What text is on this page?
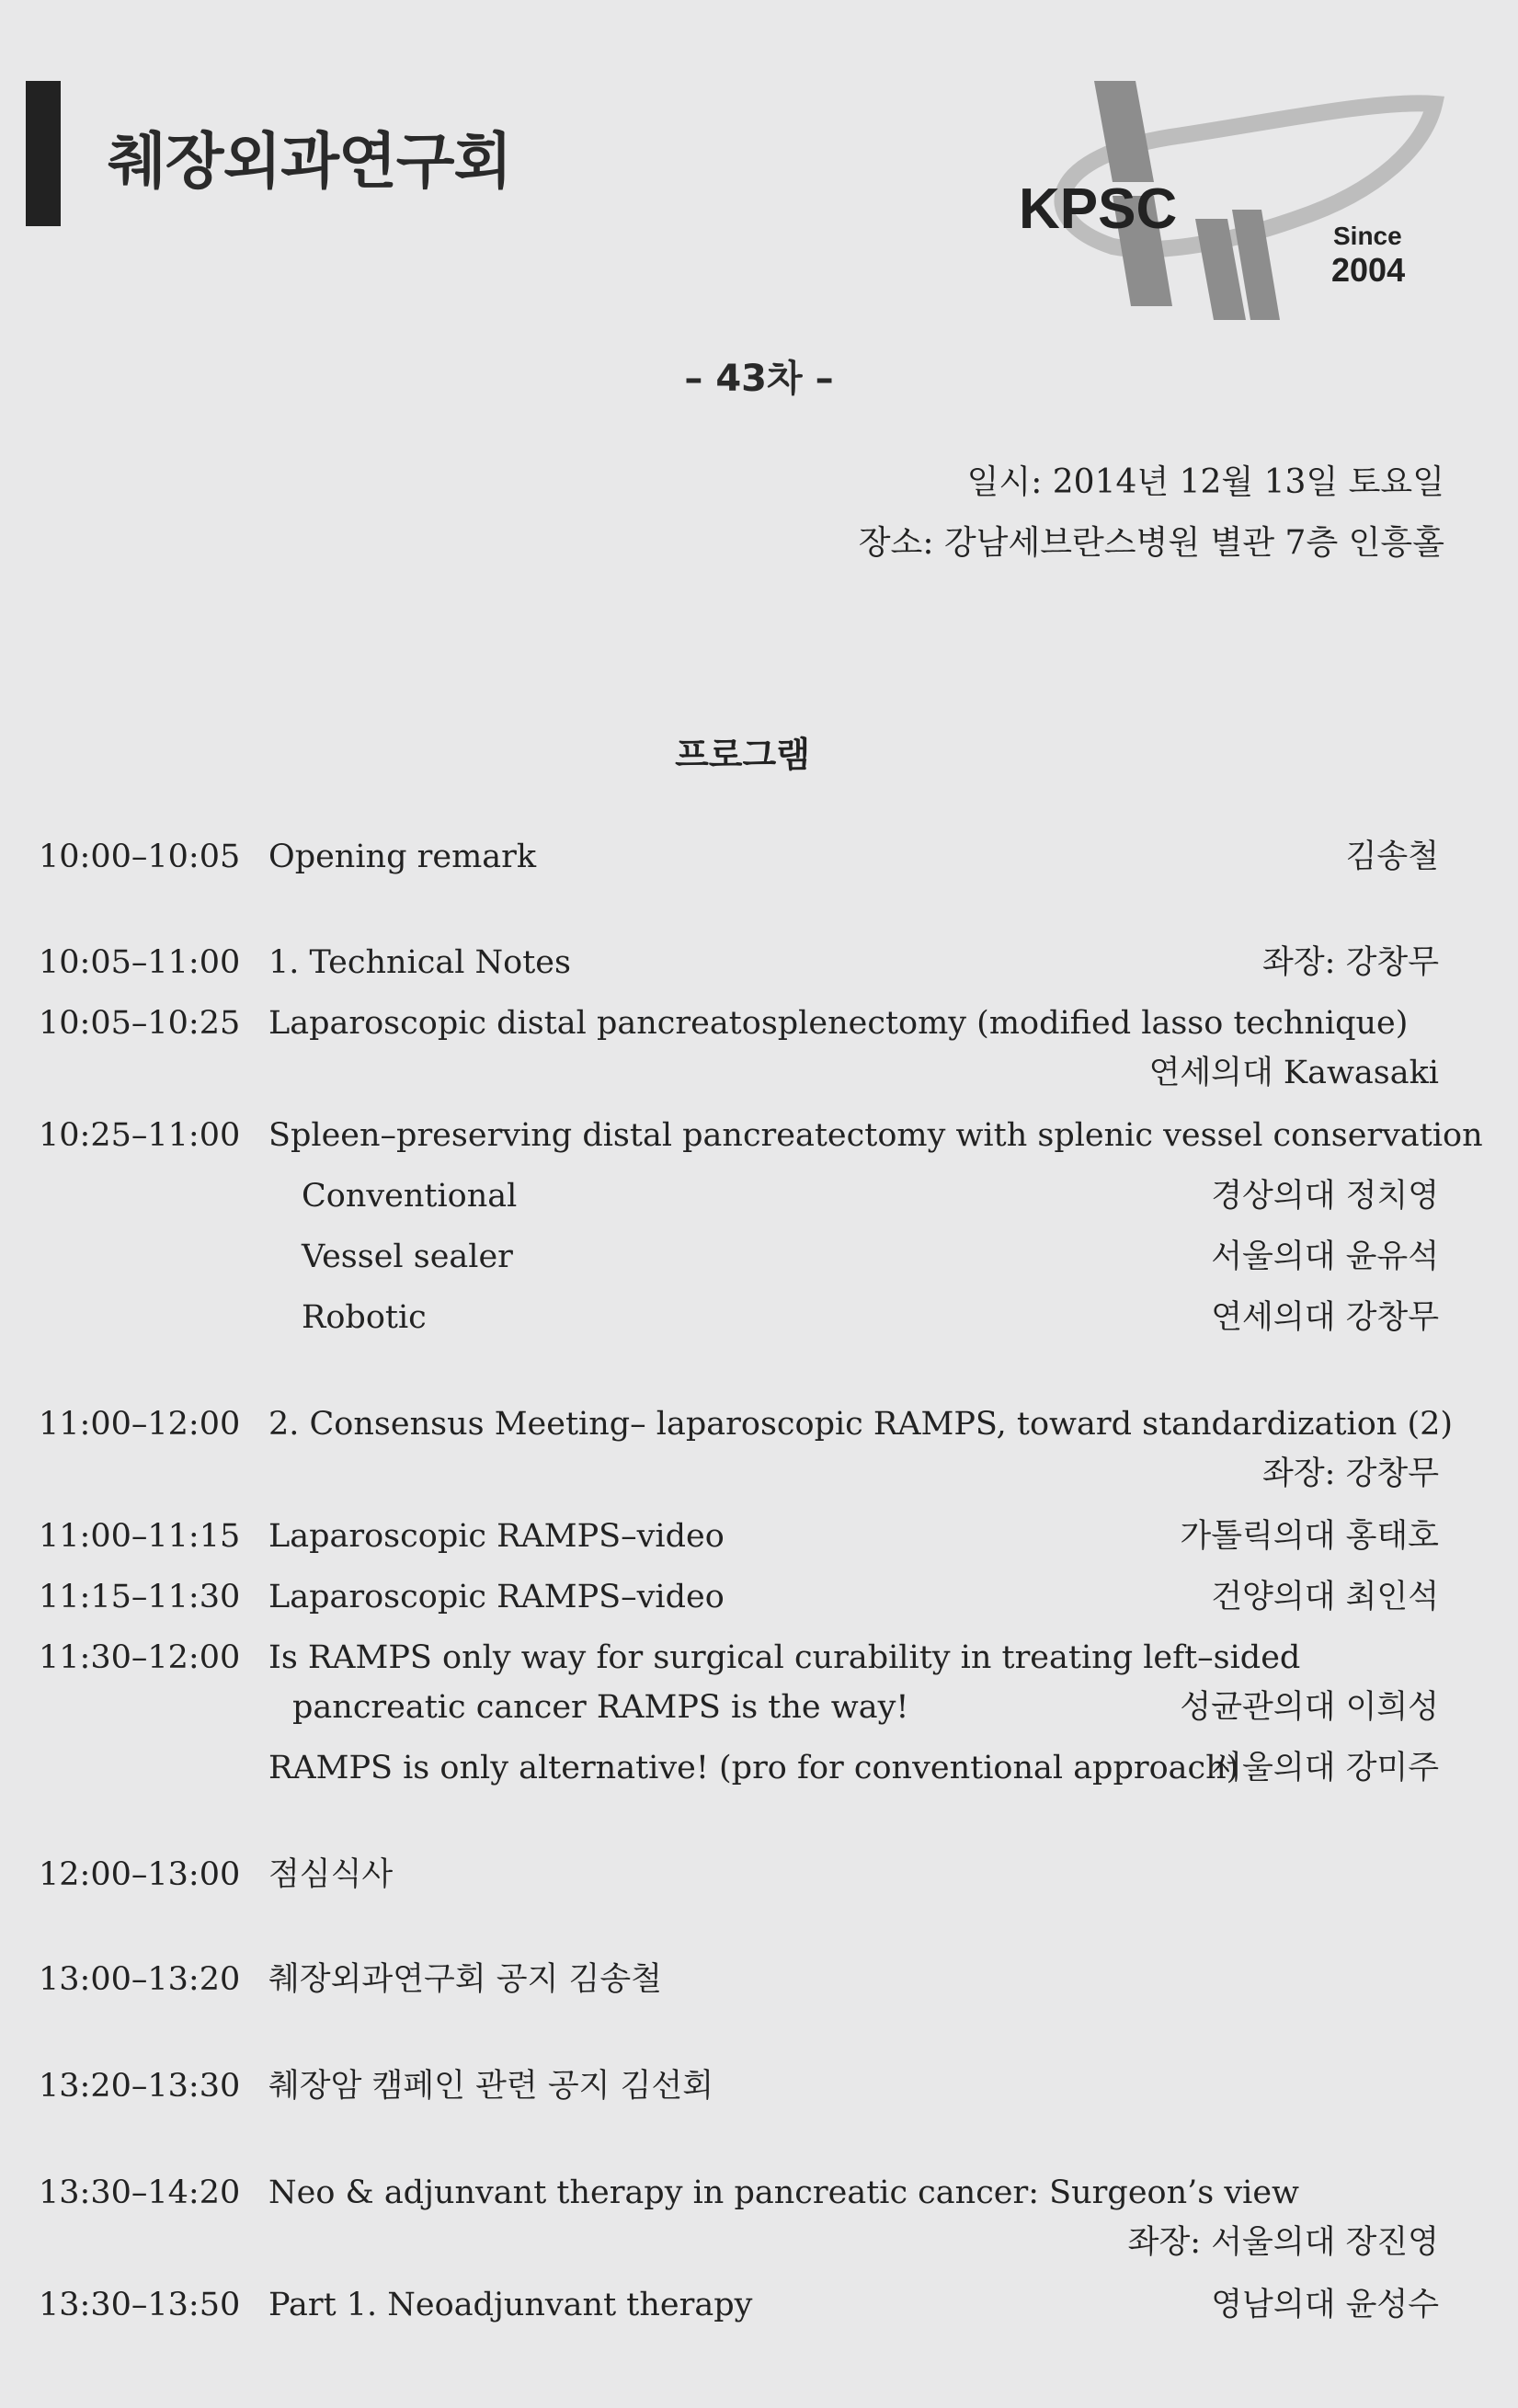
췌장외과연구회
KPSC	Since
2004
– 43차 –
일시: 2014년 12월 13일 토요일
장소: 강남세브란스병원 별관 7층 인흥홀
프로그램
10:00–10:05 Opening remark	김송철
10:05–11:00 1. Technical Notes	좌장: 강창무
10:05–10:25 Laparoscopic distal pancreatosplenectomy (modified lasso technique)
연세의대 Kawasaki
10:25–11:00 Spleen–preserving distal pancreatectomy with splenic vessel conservation
Conventional	경상의대 정치영
Vessel sealer	서울의대 윤유석
Robotic	연세의대 강창무
11:00–12:00 2. Consensus Meeting– laparoscopic RAMPS, toward standardization (2)
좌장: 강창무
11:00–11:15 Laparoscopic RAMPS–video	가톨릭의대 홍태호
11:15–11:30 Laparoscopic RAMPS–video	건양의대 최인석
11:30–12:00 Is RAMPS only way for surgical curability in treating left–sided
pancreatic cancer RAMPS is the way!	성균관의대 이희성
RAMPS is only alternative! (pro for conventional approach)
서울의대 강미주
12:00–13:00 점심식사
13:00–13:20 췌장외과연구회 공지 김송철
13:20–13:30 췌장암 캠페인 관련 공지 김선회
13:30–14:20 Neo & adjunvant therapy in pancreatic cancer: Surgeon’s view
좌장: 서울의대 장진영
13:30–13:50 Part 1. Neoadjunvant therapy	영남의대 윤성수
